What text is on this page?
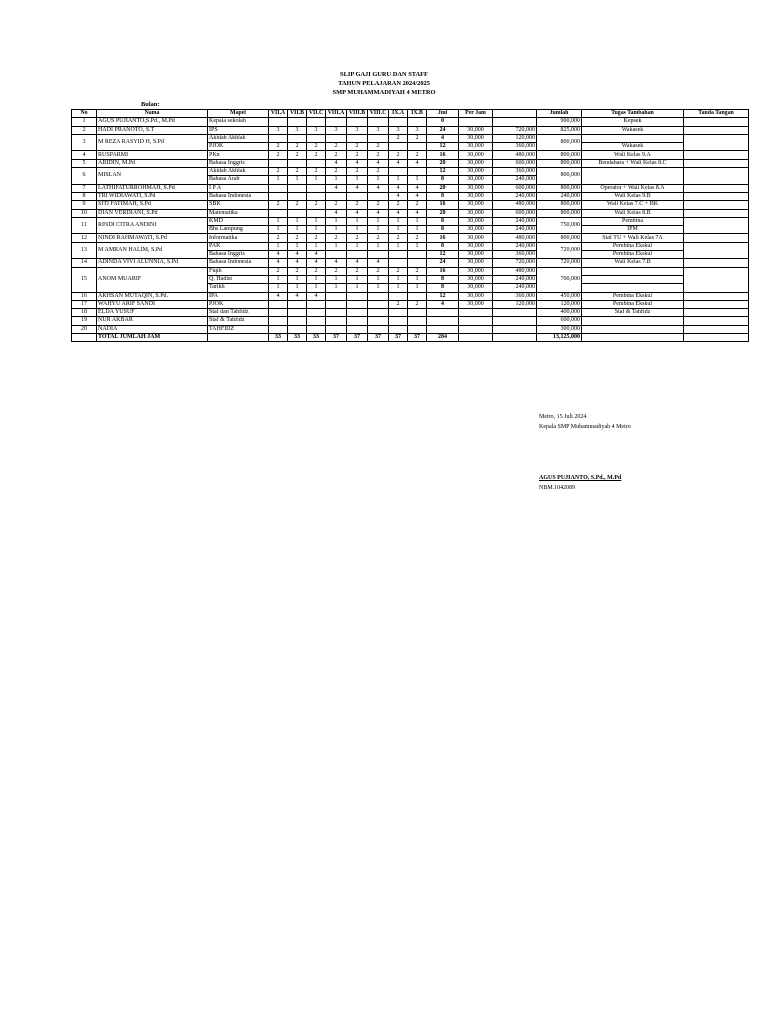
SLIP GAJI GURU DAN STAFF
TAHUN PELAJARAN 2024/2025
SMP MUHAMMADIYAH 4 METRO
Bulan:
No	Nama	Mapel	VII.A	VII.B	VII.C	VIII.A	VIII.B	VIII.C	IX.A	IX.B	Jml	Per Jam		Jumlah	Tugas Tambahan	Tanda Tangan
1	AGUS PUJIANTO,S.Pd., M.Pd	Kepala sekolah									0			900,000	Kepsek	
2	HADI PRANOTO, S.T	IPS	3	3	3	3	3	3	3	3	24	30,000	720,000	825,000	Wakasek	
3	M REZA RASYID H, S.Pd	Akidah Akhlak							2	2	4	30,000	120,000	800,000		
		PJOK	2	2	2	2	2	2			12	30,000	360,000		Wakasek	
4	RUSPARMI	PKn	2	2	2	2	2	2	2	2	16	30,000	480,000	800,000	Wali Kelas 9.A	
5	ABIDIN, M.Pd	Bahasa Inggris				4	4	4	4	4	20	30,000	600,000	800,000	Bendahara + Wali Kelas 8.C	
6	MISLAN	Akidah Akhlak	2	2	2	2	2	2			12	30,000	360,000	800,000		
		Bahasa Arab	1	1	1	1	1	1	1	1	8	30,000	240,000			
7	LATHIFATURROHMAH, S.Pd	I P A				4	4	4	4	4	20	30,000	600,000	800,000	Operator + Wali Kelas 8.A	
8	TRI WIDIAWATI, S.Pd	Bahasa Indonesia							4	4	8	30,000	240,000	240,000	Wali Kelas 9.B	
9	SITI FATIMAH, S.Pd	SBK	2	2	2	2	2	2	2	2	16	30,000	480,000	800,000	Wali Kelas 7.C + BK	
10	DIAN VERDIANI, S.Pd	Matematika				4	4	4	4	4	20	30,000	600,000	800,000	Wali Kelas 8.B	
11	RINDI CITRA ANDINI	KMD	1	1	1	1	1	1	1	1	8	30,000	240,000	750,000	Pembina	
		Bhs Lampung	1	1	1	1	1	1	1	1	8	30,000	240,000		IPM	
12	NINDI RAHMAWATI, S.Pd	Informatika	2	2	2	2	2	2	2	2	16	30,000	480,000	800,000	Staf TU + Wali Kelas 7A	
13	M AMRAN HALIM, S.Pd	PAK	1	1	1	1	1	1	1	1	8	30,000	240,000	720,000	Pembina Ekskul	
		Bahasa Inggris	4	4	4						12	30,000	360,000		Pembina Ekskul	
14	ADINDA VIVI ALUNNIA, S.Pd	Bahasa Indonesia	4	4	4	4	4	4			24	30,000	720,000	720,000	Wali Kelas 7.B	
15	ANOM MUARIF	Fiqih	2	2	2	2	2	2	2	2	16	30,000	480,000	700,000		
		Q. Hadist	1	1	1	1	1	1	1	1	8	30,000	240,000			
		Tarikh	1	1	1	1	1	1	1	1	8	30,000	240,000			
16	AKHSAN MUTAQIN, S.Pd.	IPA	4	4	4						12	30,000	360,000	450,000	Pembina Ekskul	
17	WAHYU ARIF SANDI	PJOK							2	2	4	30,000	120,000	120,000	Pembina Ekskul	
18	ELDA YUSUF	Staf dan Tahfidz												400,000	Staf & Tahfidz	
19	NUR AKBAR	Staf & Tahfidz												600,000		
20	NADIA	TAHFIDZ												300,000		
	TOTAL JUMLAH JAM		33	33	33	37	37	37	37	37	284			13,125,000		
Metro, 15 Juli 2024
Kepala SMP Muhammadiyah 4 Metro
AGUS PUJIANTO, S.Pd., M.Pd
NBM.1042089
